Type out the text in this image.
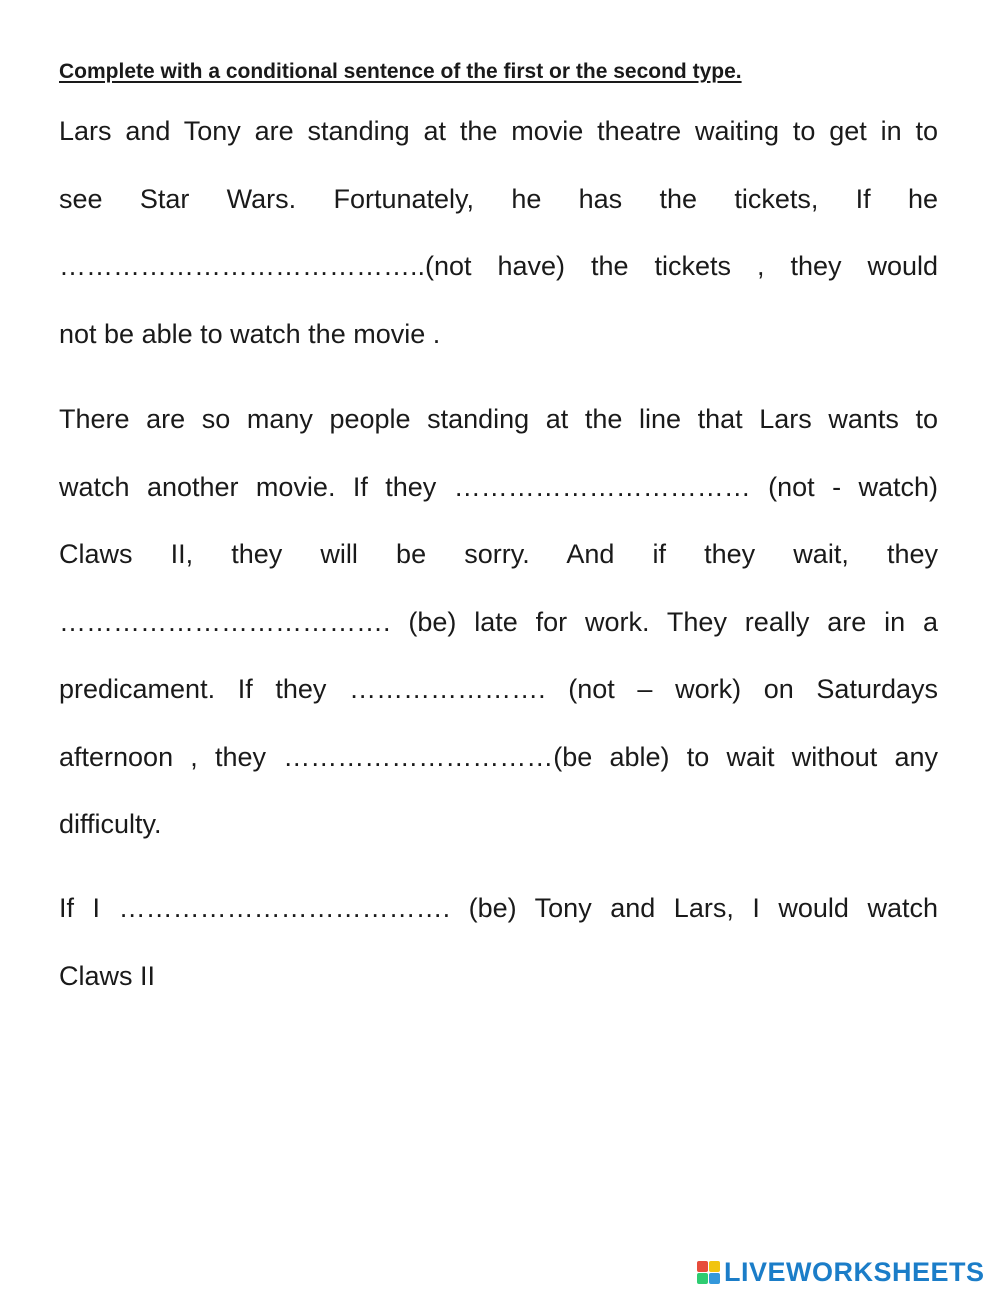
Complete with a conditional sentence of the first or the second type.

Lars and Tony are standing at the movie theatre waiting to get in to
see Star Wars. Fortunately, he has the tickets, If he
…………………………………..(not have) the tickets , they would
not be able to watch the movie .
There are so many people standing at the line that Lars wants to
watch another movie. If they …………………………… (not - watch)
Claws II, they will be sorry. And if they wait, they
………………………………. (be) late for work. They really are in a
predicament. If they …………………. (not – work) on Saturdays
afternoon , they …………………………(be able) to wait without any
difficulty.
If I ………………………………. (be) Tony and Lars, I would watch
Claws II
LIVEWORKSHEETS
